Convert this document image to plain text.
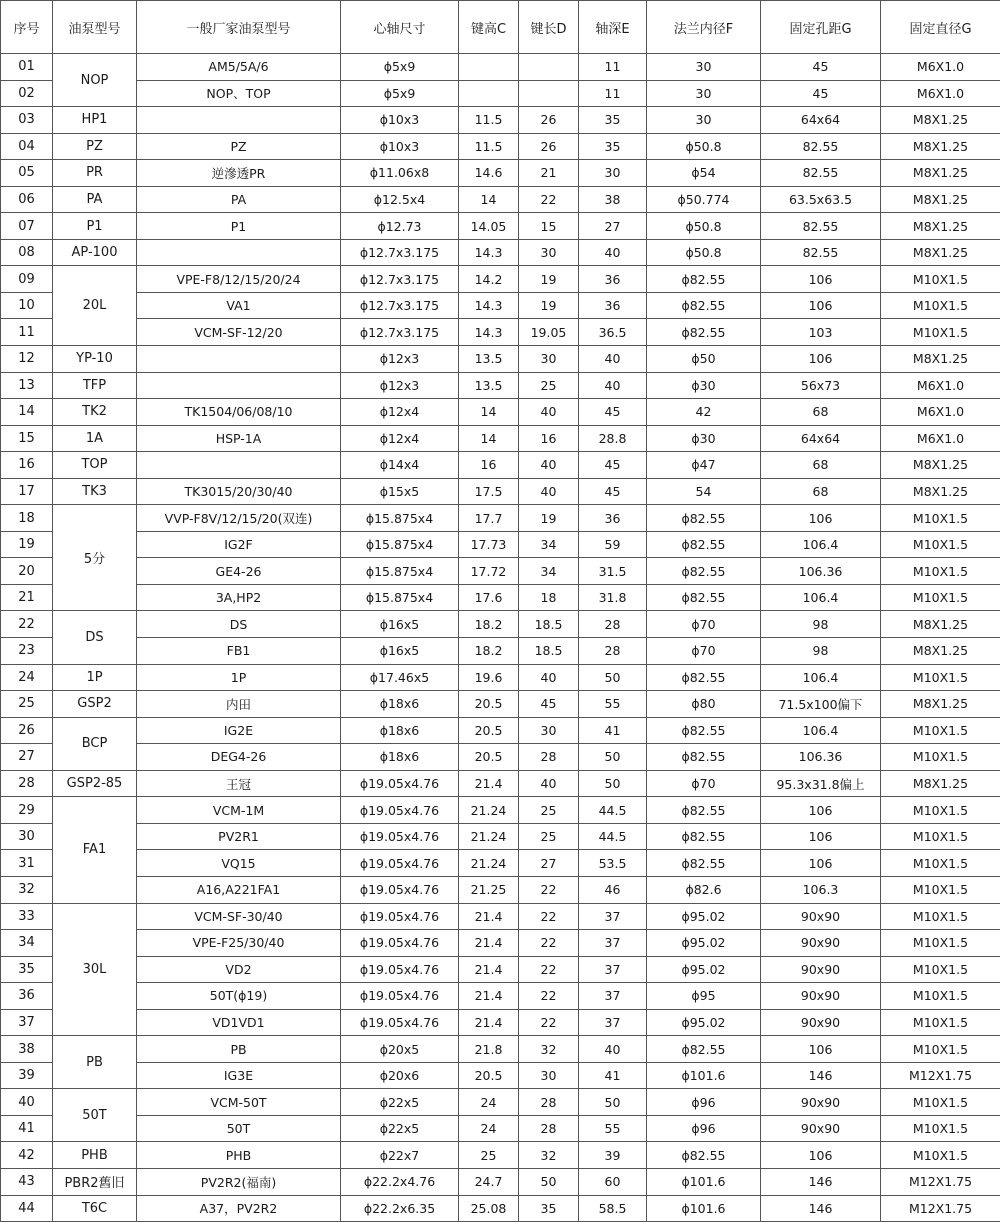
序号	油泵型号	一般厂家油泵型号	心轴尺寸	键高C	键长D	轴深E	法兰内径F	固定孔距G	固定直径G
01	NOP	AM5/5A/6	ϕ5x9			11	30	45	M6X1.0
02		NOP、TOP	ϕ5x9			11	30	45	M6X1.0
03	HP1		ϕ10x3	11.5	26	35	30	64x64	M8X1.25
04	PZ	PZ	ϕ10x3	11.5	26	35	ϕ50.8	82.55	M8X1.25
05	PR	逆滲透PR	ϕ11.06x8	14.6	21	30	ϕ54	82.55	M8X1.25
06	PA	PA	ϕ12.5x4	14	22	38	ϕ50.774	63.5x63.5	M8X1.25
07	P1	P1	ϕ12.73	14.05	15	27	ϕ50.8	82.55	M8X1.25
08	AP-100		ϕ12.7x3.175	14.3	30	40	ϕ50.8	82.55	M8X1.25
09	20L	VPE-F8/12/15/20/24	ϕ12.7x3.175	14.2	19	36	ϕ82.55	106	M10X1.5
10		VA1	ϕ12.7x3.175	14.3	19	36	ϕ82.55	106	M10X1.5
11		VCM-SF-12/20	ϕ12.7x3.175	14.3	19.05	36.5	ϕ82.55	103	M10X1.5
12	YP-10		ϕ12x3	13.5	30	40	ϕ50	106	M8X1.25
13	TFP		ϕ12x3	13.5	25	40	ϕ30	56x73	M6X1.0
14	TK2	TK1504/06/08/10	ϕ12x4	14	40	45	42	68	M6X1.0
15	1A	HSP-1A	ϕ12x4	14	16	28.8	ϕ30	64x64	M6X1.0
16	TOP		ϕ14x4	16	40	45	ϕ47	68	M8X1.25
17	TK3	TK3015/20/30/40	ϕ15x5	17.5	40	45	54	68	M8X1.25
18	5分	VVP-F8V/12/15/20(双连)	ϕ15.875x4	17.7	19	36	ϕ82.55	106	M10X1.5
19		IG2F	ϕ15.875x4	17.73	34	59	ϕ82.55	106.4	M10X1.5
20		GE4-26	ϕ15.875x4	17.72	34	31.5	ϕ82.55	106.36	M10X1.5
21		3A,HP2	ϕ15.875x4	17.6	18	31.8	ϕ82.55	106.4	M10X1.5
22	DS	DS	ϕ16x5	18.2	18.5	28	ϕ70	98	M8X1.25
23		FB1	ϕ16x5	18.2	18.5	28	ϕ70	98	M8X1.25
24	1P	1P	ϕ17.46x5	19.6	40	50	ϕ82.55	106.4	M10X1.5
25	GSP2	内田	ϕ18x6	20.5	45	55	ϕ80	71.5x100偏下	M8X1.25
26	BCP	IG2E	ϕ18x6	20.5	30	41	ϕ82.55	106.4	M10X1.5
27		DEG4-26	ϕ18x6	20.5	28	50	ϕ82.55	106.36	M10X1.5
28	GSP2-85	王冠	ϕ19.05x4.76	21.4	40	50	ϕ70	95.3x31.8偏上	M8X1.25
29	FA1	VCM-1M	ϕ19.05x4.76	21.24	25	44.5	ϕ82.55	106	M10X1.5
30		PV2R1	ϕ19.05x4.76	21.24	25	44.5	ϕ82.55	106	M10X1.5
31		VQ15	ϕ19.05x4.76	21.24	27	53.5	ϕ82.55	106	M10X1.5
32		A16,A221FA1	ϕ19.05x4.76	21.25	22	46	ϕ82.6	106.3	M10X1.5
33	30L	VCM-SF-30/40	ϕ19.05x4.76	21.4	22	37	ϕ95.02	90x90	M10X1.5
34		VPE-F25/30/40	ϕ19.05x4.76	21.4	22	37	ϕ95.02	90x90	M10X1.5
35		VD2	ϕ19.05x4.76	21.4	22	37	ϕ95.02	90x90	M10X1.5
36		50T(ϕ19)	ϕ19.05x4.76	21.4	22	37	ϕ95	90x90	M10X1.5
37		VD1VD1	ϕ19.05x4.76	21.4	22	37	ϕ95.02	90x90	M10X1.5
38	PB	PB	ϕ20x5	21.8	32	40	ϕ82.55	106	M10X1.5
39		IG3E	ϕ20x6	20.5	30	41	ϕ101.6	146	M12X1.75
40	50T	VCM-50T	ϕ22x5	24	28	50	ϕ96	90x90	M10X1.5
41		50T	ϕ22x5	24	28	55	ϕ96	90x90	M10X1.5
42	PHB	PHB	ϕ22x7	25	32	39	ϕ82.55	106	M10X1.5
43	PBR2舊旧	PV2R2(福南)	ϕ22.2x4.76	24.7	50	60	ϕ101.6	146	M12X1.75
44	T6C	A37，PV2R2	ϕ22.2x6.35	25.08	35	58.5	ϕ101.6	146	M12X1.75
